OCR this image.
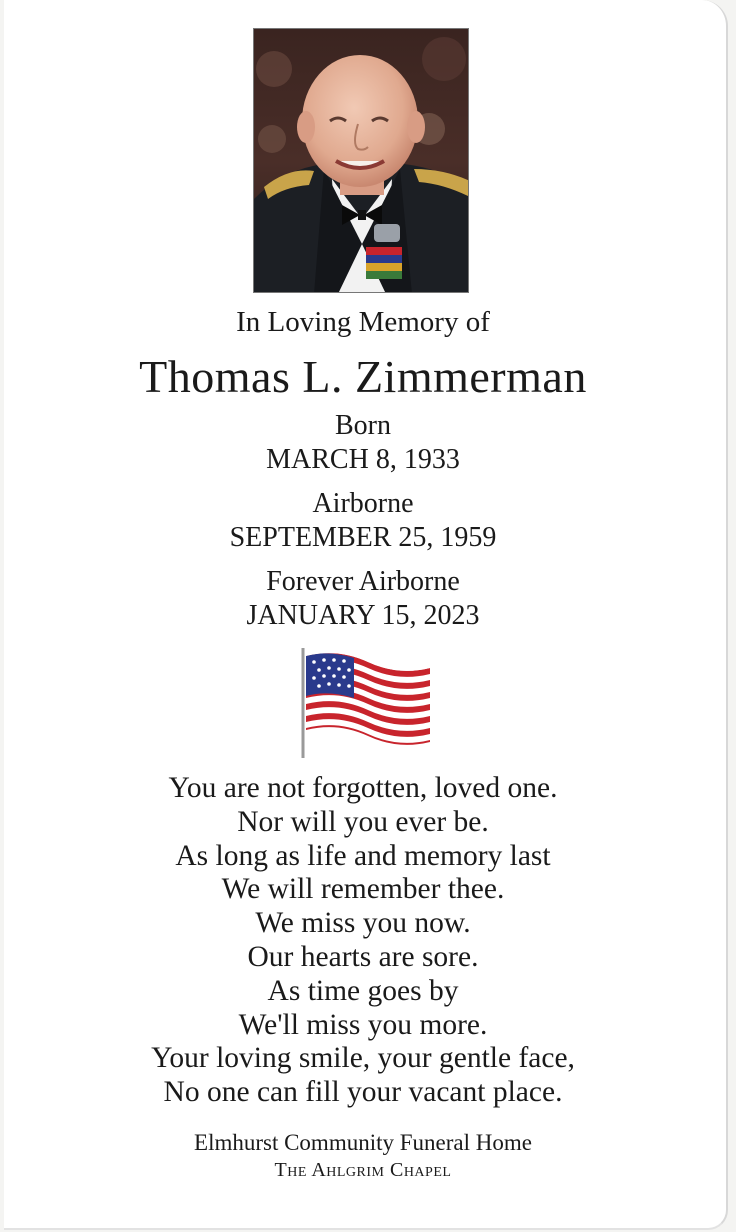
In Loving Memory of
Thomas L. Zimmerman
Born
MARCH 8, 1933
Airborne
SEPTEMBER 25, 1959
Forever Airborne
JANUARY 15, 2023
You are not forgotten, loved one.
Nor will you ever be.
As long as life and memory last
We will remember thee.
We miss you now.
Our hearts are sore.
As time goes by
We'll miss you more.
Your loving smile, your gentle face,
No one can fill your vacant place.
Elmhurst Community Funeral Home
The Ahlgrim Chapel
